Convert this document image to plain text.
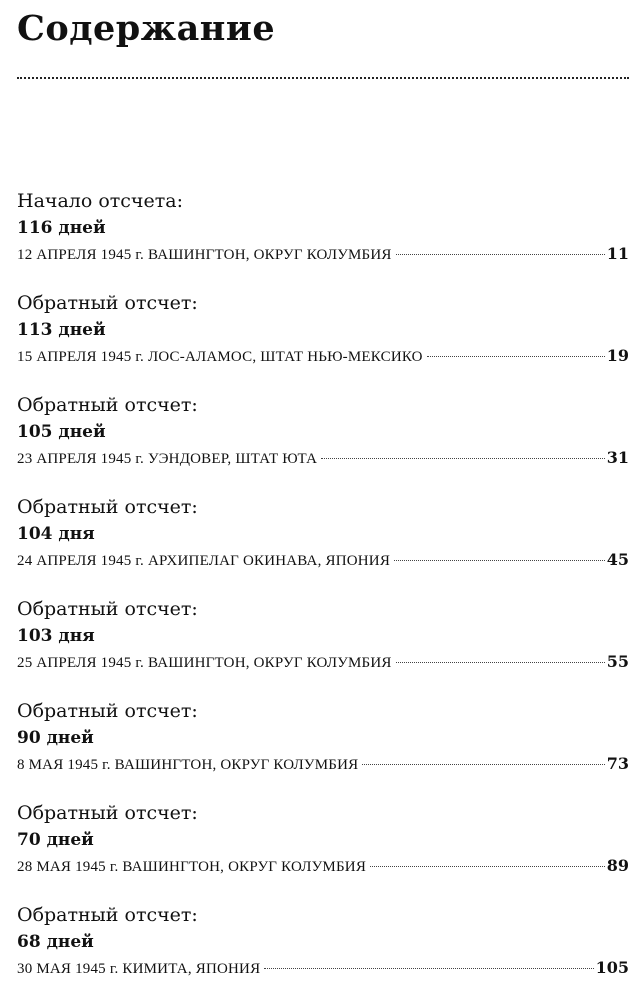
Содержание
Начало отсчета:
116 дней
12 АПРЕЛЯ 1945 г. ВАШИНГТОН, ОКРУГ КОЛУМБИЯ	11
Обратный отсчет:
113 дней
15 АПРЕЛЯ 1945 г. ЛОС-АЛАМОС, ШТАТ НЬЮ-МЕКСИКО	19
Обратный отсчет:
105 дней
23 АПРЕЛЯ 1945 г. УЭНДОВЕР, ШТАТ ЮТА	31
Обратный отсчет:
104 дня
24 АПРЕЛЯ 1945 г. АРХИПЕЛАГ ОКИНАВА, ЯПОНИЯ	45
Обратный отсчет:
103 дня
25 АПРЕЛЯ 1945 г. ВАШИНГТОН, ОКРУГ КОЛУМБИЯ	55
Обратный отсчет:
90 дней
8 МАЯ 1945 г. ВАШИНГТОН, ОКРУГ КОЛУМБИЯ	73
Обратный отсчет:
70 дней
28 МАЯ 1945 г. ВАШИНГТОН, ОКРУГ КОЛУМБИЯ	89
Обратный отсчет:
68 дней
30 МАЯ 1945 г. КИМИТА, ЯПОНИЯ	105
